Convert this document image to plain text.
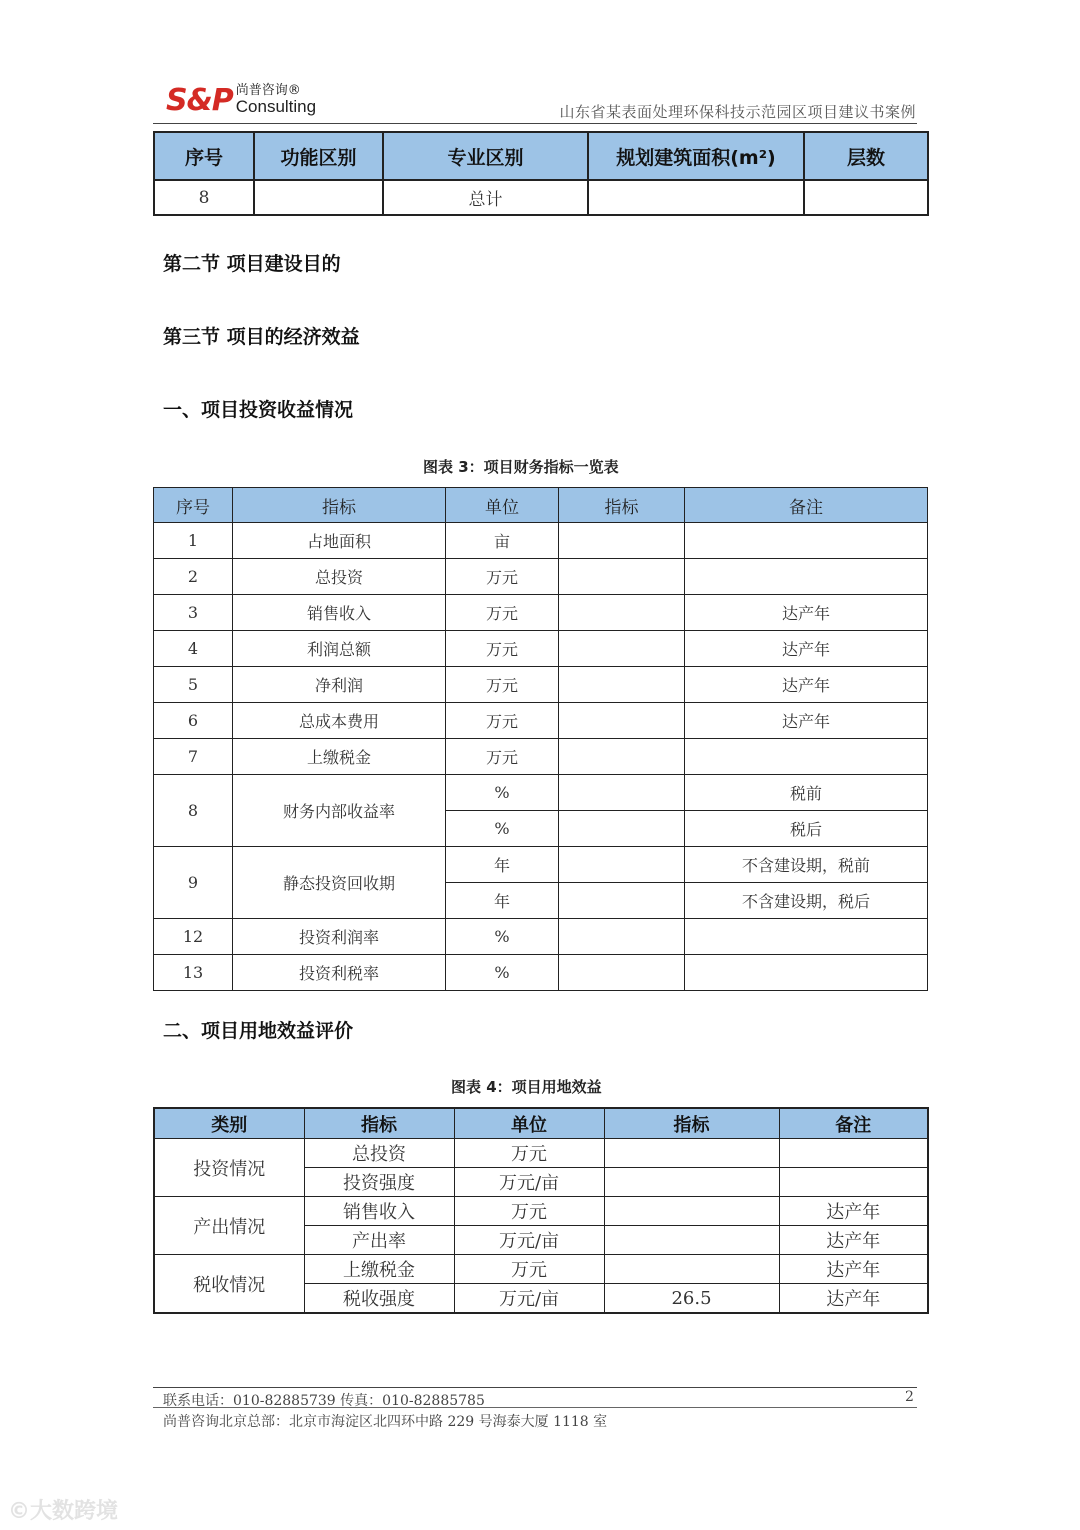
S&P 尚普咨询®
Consulting	山东省某表面处理环保科技示范园区项目建议书案例
序号	功能区别	专业区别	规划建筑面积(m²)	层数
8		总计		
第二节 项目建设目的
第三节 项目的经济效益
一、项目投资收益情况
图表 3：项目财务指标一览表
序号	指标	单位	指标	备注
1	占地面积	亩		
2	总投资	万元		
3	销售收入	万元		达产年
4	利润总额	万元		达产年
5	净利润	万元		达产年
6	总成本费用	万元		达产年
7	上缴税金	万元		
8	财务内部收益率	%		税前
		%		税后
9	静态投资回收期	年		不含建设期，税前
		年		不含建设期，税后
12	投资利润率	%		
13	投资利税率	%		
二、项目用地效益评价
图表 4：项目用地效益
类别	指标	单位	指标	备注
投资情况	总投资	万元		
	投资强度	万元/亩		
产出情况	销售收入	万元		达产年
	产出率	万元/亩		达产年
税收情况	上缴税金	万元		达产年
	税收强度	万元/亩	26.5	达产年
联系电话：010-82885739 传真：010-82885785	2
尚普咨询北京总部：北京市海淀区北四环中路 229 号海泰大厦 1118 室
©大数跨境
